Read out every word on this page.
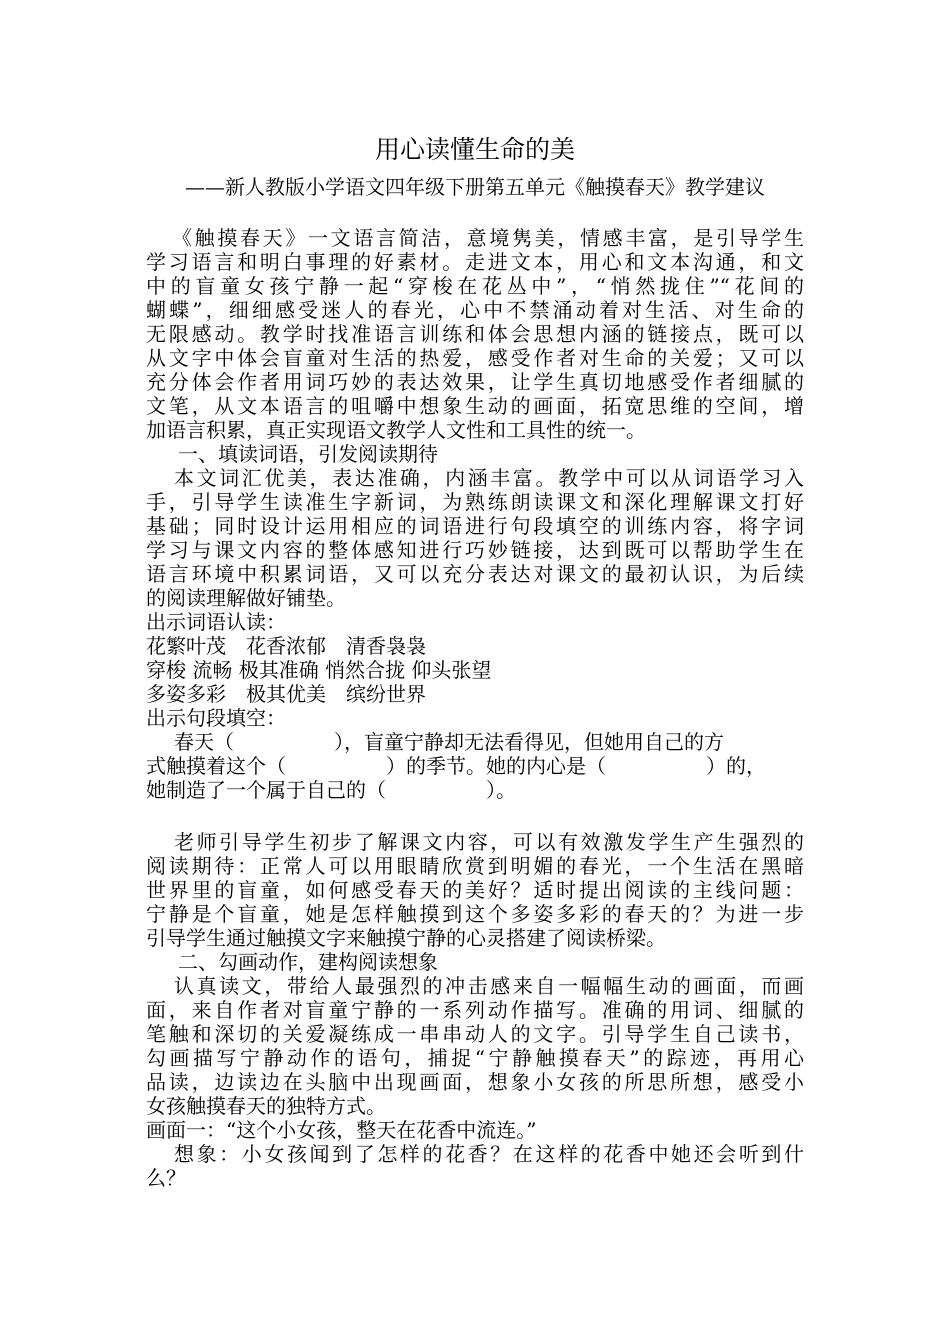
用心读懂生命的美
——新人教版小学语文四年级下册第五单元《触摸春天》教学建议
《触摸春天》一文语言简洁，意境隽美，情感丰富，是引导学生
学习语言和明白事理的好素材。走进文本，用心和文本沟通，和文
中的盲童女孩宁静一起“穿梭在花丛中”，“悄然拢住”“花间的
蝴蝶”，细细感受迷人的春光，心中不禁涌动着对生活、对生命的
无限感动。教学时找准语言训练和体会思想内涵的链接点，既可以
从文字中体会盲童对生活的热爱，感受作者对生命的关爱；又可以
充分体会作者用词巧妙的表达效果，让学生真切地感受作者细腻的
文笔，从文本语言的咀嚼中想象生动的画面，拓宽思维的空间，增
加语言积累，真正实现语文教学人文性和工具性的统一。
一、填读词语，引发阅读期待
本文词汇优美，表达准确，内涵丰富。教学中可以从词语学习入
手，引导学生读准生字新词，为熟练朗读课文和深化理解课文打好
基础；同时设计运用相应的词语进行句段填空的训练内容，将字词
学习与课文内容的整体感知进行巧妙链接，达到既可以帮助学生在
语言环境中积累词语，又可以充分表达对课文的最初认识，为后续
的阅读理解做好铺垫。
出示词语认读：
花繁叶茂　花香浓郁　清香袅袅
穿梭 流畅 极其准确 悄然合拢 仰头张望
多姿多彩　极其优美　缤纷世界
出示句段填空：
春天（　　　　　），盲童宁静却无法看得见，但她用自己的方
式触摸着这个（　　　　　）的季节。她的内心是（　　　　　）的，
她制造了一个属于自己的（　　　　　）。
老师引导学生初步了解课文内容，可以有效激发学生产生强烈的
阅读期待：正常人可以用眼睛欣赏到明媚的春光，一个生活在黑暗
世界里的盲童，如何感受春天的美好？适时提出阅读的主线问题：
宁静是个盲童，她是怎样触摸到这个多姿多彩的春天的？为进一步
引导学生通过触摸文字来触摸宁静的心灵搭建了阅读桥梁。
二、勾画动作，建构阅读想象
认真读文，带给人最强烈的冲击感来自一幅幅生动的画面，而画
面，来自作者对盲童宁静的一系列动作描写。准确的用词、细腻的
笔触和深切的关爱凝练成一串串动人的文字。引导学生自己读书，
勾画描写宁静动作的语句，捕捉“宁静触摸春天”的踪迹，再用心
品读，边读边在头脑中出现画面，想象小女孩的所思所想，感受小
女孩触摸春天的独特方式。
画面一：“这个小女孩，整天在花香中流连。”
想象：小女孩闻到了怎样的花香？在这样的花香中她还会听到什
么？
